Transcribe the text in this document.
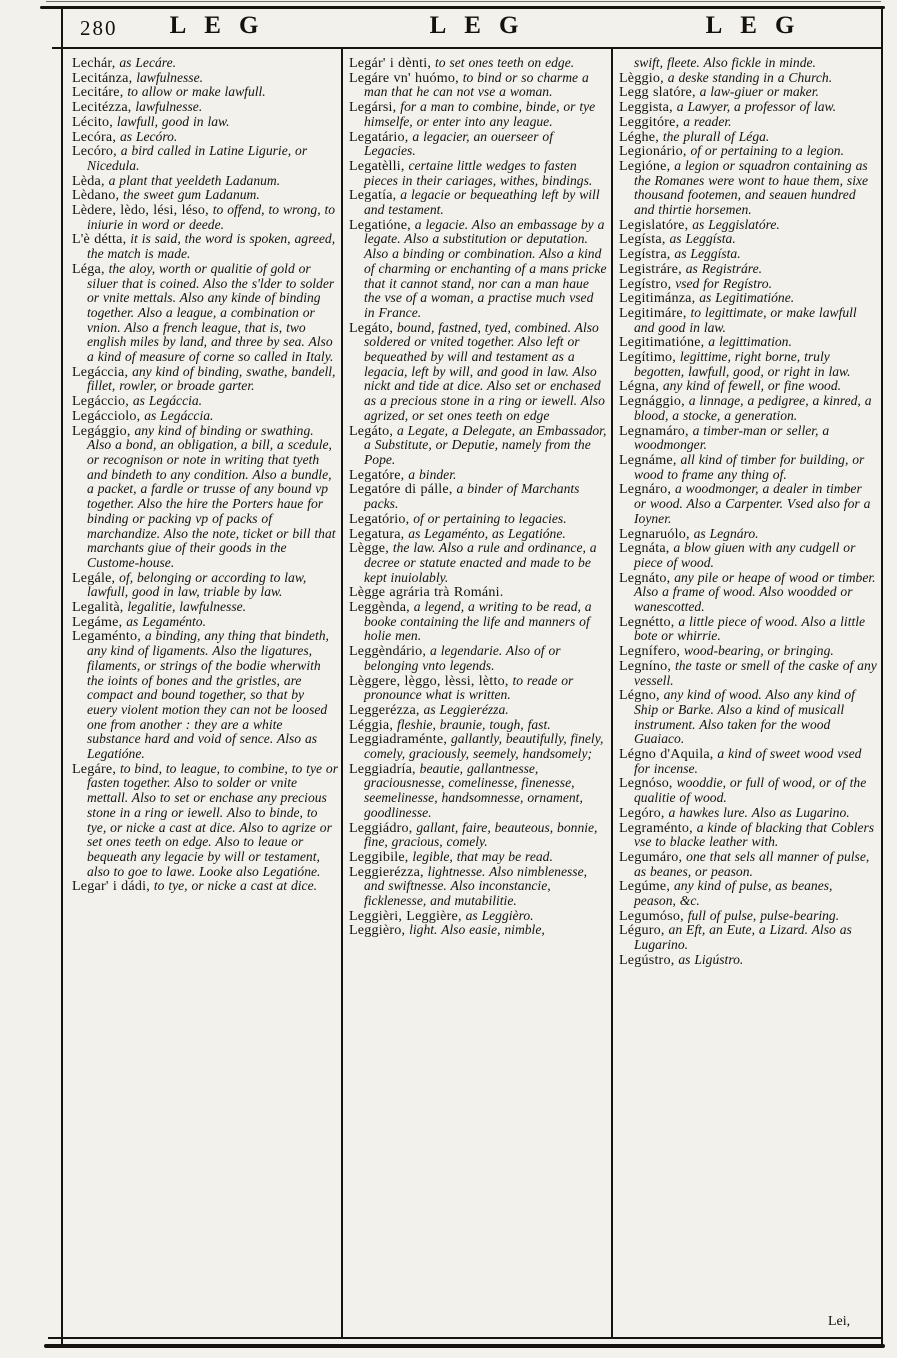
280	LEG	LEG	LEG

Lechár, as Lecáre.

Lecitánza, lawfulnesse.

Lecitáre, to allow or make lawfull.

Lecitézza, lawfulnesse.

Lécito, lawfull, good in law.

Lecóra, as Lecóro.

Lecóro, a bird called in Latine Ligurie, or Nicedula.

Lèda, a plant that yeeldeth Ladanum.

Lèdano, the sweet gum Ladanum.

Lèdere, lèdo, lési, léso, to offend, to wrong, to iniurie in word or deede.

L'è détta, it is said, the word is spoken, agreed, the match is made.

Léga, the aloy, worth or qualitie of gold or siluer that is coined. Also the s'lder to solder or vnite mettals. Also any kinde of binding together. Also a league, a combination or vnion. Also a french league, that is, two english miles by land, and three by sea. Also a kind of measure of corne so called in Italy.

Legáccia, any kind of binding, swathe, bandell, fillet, rowler, or broade garter.

Legáccio, as Legáccia.

Legácciolo, as Legáccia.

Legággio, any kind of binding or swathing. Also a bond, an obligation, a bill, a scedule, or recognison or note in writing that tyeth and bindeth to any condition. Also a bundle, a packet, a fardle or trusse of any bound vp together. Also the hire the Porters haue for binding or packing vp of packs of marchandize. Also the note, ticket or bill that marchants giue of their goods in the Custome-house.

Legále, of, belonging or according to law, lawfull, good in law, triable by law.

Legalità, legalitie, lawfulnesse.

Legáme, as Legaménto.

Legaménto, a binding, any thing that bindeth, any kind of ligaments. Also the ligatures, filaments, or strings of the bodie wherwith the ioints of bones and the gristles, are compact and bound together, so that by euery violent motion they can not be loosed one from another : they are a white substance hard and void of sence. Also as Legatióne.

Legáre, to bind, to league, to combine, to tye or fasten together. Also to solder or vnite mettall. Also to set or enchase any precious stone in a ring or iewell. Also to binde, to tye, or nicke a cast at dice. Also to agrize or set ones teeth on edge. Also to leaue or bequeath any legacie by will or testament, also to goe to lawe. Looke also Legatióne.

Legar' i dádi, to tye, or nicke a cast at dice.

Legár' i dènti, to set ones teeth on edge.

Legáre vn' huómo, to bind or so charme a man that he can not vse a woman.

Legársi, for a man to combine, binde, or tye himselfe, or enter into any league.

Legatário, a legacier, an ouerseer of Legacies.

Legatèlli, certaine little wedges to fasten pieces in their cariages, withes, bindings.

Legatía, a legacie or bequeathing left by will and testament.

Legatióne, a legacie. Also an embassage by a legate. Also a substitution or deputation. Also a binding or combination. Also a kind of charming or enchanting of a mans pricke that it cannot stand, nor can a man haue the vse of a woman, a practise much vsed in France.

Legáto, bound, fastned, tyed, combined. Also soldered or vnited together. Also left or bequeathed by will and testament as a legacia, left by will, and good in law. Also nickt and tide at dice. Also set or enchased as a precious stone in a ring or iewell. Also agrized, or set ones teeth on edge

Legáto, a Legate, a Delegate, an Embassador, a Substitute, or Deputie, namely from the Pope.

Legatóre, a binder.

Legatóre di pálle, a binder of Marchants packs.

Legatório, of or pertaining to legacies.

Legatura, as Legaménto, as Legatióne.

Lègge, the law. Also a rule and ordinance, a decree or statute enacted and made to be kept inuiolably.

Lègge agrária trà Románi.

Leggènda, a legend, a writing to be read, a booke containing the life and manners of holie men.

Leggèndário, a legendarie. Also of or belonging vnto legends.

Lèggere, lèggo, lèssi, lètto, to reade or pronounce what is written.

Leggerézza, as Leggierézza.

Léggia, fleshie, braunie, tough, fast.

Leggiadraménte, gallantly, beautifully, finely, comely, graciously, seemely, handsomely;

Leggiadría, beautie, gallantnesse, graciousnesse, comelinesse, finenesse, seemelinesse, handsomnesse, ornament, goodlinesse.

Leggiádro, gallant, faire, beauteous, bonnie, fine, gracious, comely.

Leggibile, legible, that may be read.

Leggierézza, lightnesse. Also nimblenesse, and swiftnesse. Also inconstancie, ficklenesse, and mutabilitie.

Leggièri, Leggière, as Leggièro.

Leggièro, light. Also easie, nimble,

swift, fleete. Also fickle in minde.

Lèggio, a deske standing in a Church.

Legg slatóre, a law-giuer or maker.

Leggista, a Lawyer, a professor of law.

Leggitóre, a reader.

Léghe, the plurall of Léga.

Legionário, of or pertaining to a legion.

Legióne, a legion or squadron containing as the Romanes were wont to haue them, sixe thousand footemen, and seauen hundred and thirtie horsemen.

Legislatóre, as Leggislatóre.

Legísta, as Leggísta.

Legístra, as Leggísta.

Legistráre, as Registráre.

Legístro, vsed for Regístro.

Legitimánza, as Legitimatióne.

Legitimáre, to legittimate, or make lawfull and good in law.

Legitimatióne, a legittimation.

Legítimo, legittime, right borne, truly begotten, lawfull, good, or right in law.

Légna, any kind of fewell, or fine wood.

Legnággio, a linnage, a pedigree, a kinred, a blood, a stocke, a generation.

Legnamáro, a timber-man or seller, a woodmonger.

Legnáme, all kind of timber for building, or wood to frame any thing of.

Legnáro, a woodmonger, a dealer in timber or wood. Also a Carpenter. Vsed also for a Ioyner.

Legnaruólo, as Legnáro.

Legnáta, a blow giuen with any cudgell or piece of wood.

Legnáto, any pile or heape of wood or timber. Also a frame of wood. Also woodded or wanescotted.

Legnétto, a little piece of wood. Also a little bote or whirrie.

Legnífero, wood-bearing, or bringing.

Legníno, the taste or smell of the caske of any vessell.

Légno, any kind of wood. Also any kind of Ship or Barke. Also a kind of musicall instrument. Also taken for the wood Guaiaco.

Légno d'Aquila, a kind of sweet wood vsed for incense.

Legnóso, wooddie, or full of wood, or of the qualitie of wood.

Legóro, a hawkes lure. Also as Lugarino.

Legraménto, a kinde of blacking that Coblers vse to blacke leather with.

Legumáro, one that sels all manner of pulse, as beanes, or peason.

Legúme, any kind of pulse, as beanes, peason, &c.

Legumóso, full of pulse, pulse-bearing.

Léguro, an Eft, an Eute, a Lizard. Also as Lugarino.

Legústro, as Ligústro.

Lei,
